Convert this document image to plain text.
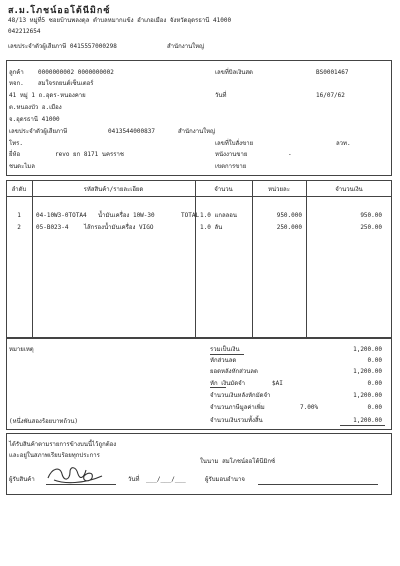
ส.ม.โภชน์ออโต้นีมิกซ์
48/13 หมู่ที่5 ซอยบ้านพลงดุล ตำบลหมากแข้ง อำเภอเมือง จังหวัดอุดรธานี 41000
042212654
เลขประจำตัวผู้เสียภาษี 0415557000298	สำนักงานใหญ่
ลูกค้า 0000000002 0000000002
หจก. สมใจรถยนต์เซ็นเตอร์
41 หมู่ 1 ถ.อุดร-หนองคาย
ต.หนองบัว อ.เมือง
จ.อุดรธานี 41000
เลขประจำตัวผู้เสียภาษี	0413544000837	สำนักงานใหญ่
โทร.
ยี่ห้อ	revo ยก 8171 นครราช
ชนดะไมล
เลขที่บิลเงินสด	BS0001467
วันที่	16/07/62
เลขที่ใบสั่งขาย	ลวท.
หนังงานขาย	-
เขตการขาย
ลำดับ	รหัสสินค้า/รายละเอียด	จำนวน	หน่วยละ	จำนวนเงิน
1	04-10W3-0TOTA4 น้ำมันเครื่อง 10W-30	TOTAL 1.0 แกลลอน	950.000	950.00
2	05-B023-4	ไส้กรองน้ำมันเครื่อง VIGO	1.0 ลัน	250.000	250.00
หมายเหตุ
(หนึ่งพันสองร้อยบาทถ้วน)
รวมเป็นเงิน	1,200.00
หักส่วนลด	0.00
ยอดหลังหักส่วนลด	1,200.00
หัก เงินมัดจำ	$AI	0.00
จำนวนเงินหลังหักมัดจำ	1,200.00
จำนวนภาษีมูลค่าเพิ่ม	7.00%	0.00
จำนวนเงินรวมทั้งสิ้น	1,200.00
ได้รับสินค้าตามรายการข้างบนนี้ไว้ถูกต้อง
และอยู่ในสภาพเรียบร้อยทุกประการ
ในนาม สมโภชน์ออโต้นีมิกซ์
ผู้รับสินค้า	วันที่ ___/___/___	ผู้รับมอบอำนาจ
